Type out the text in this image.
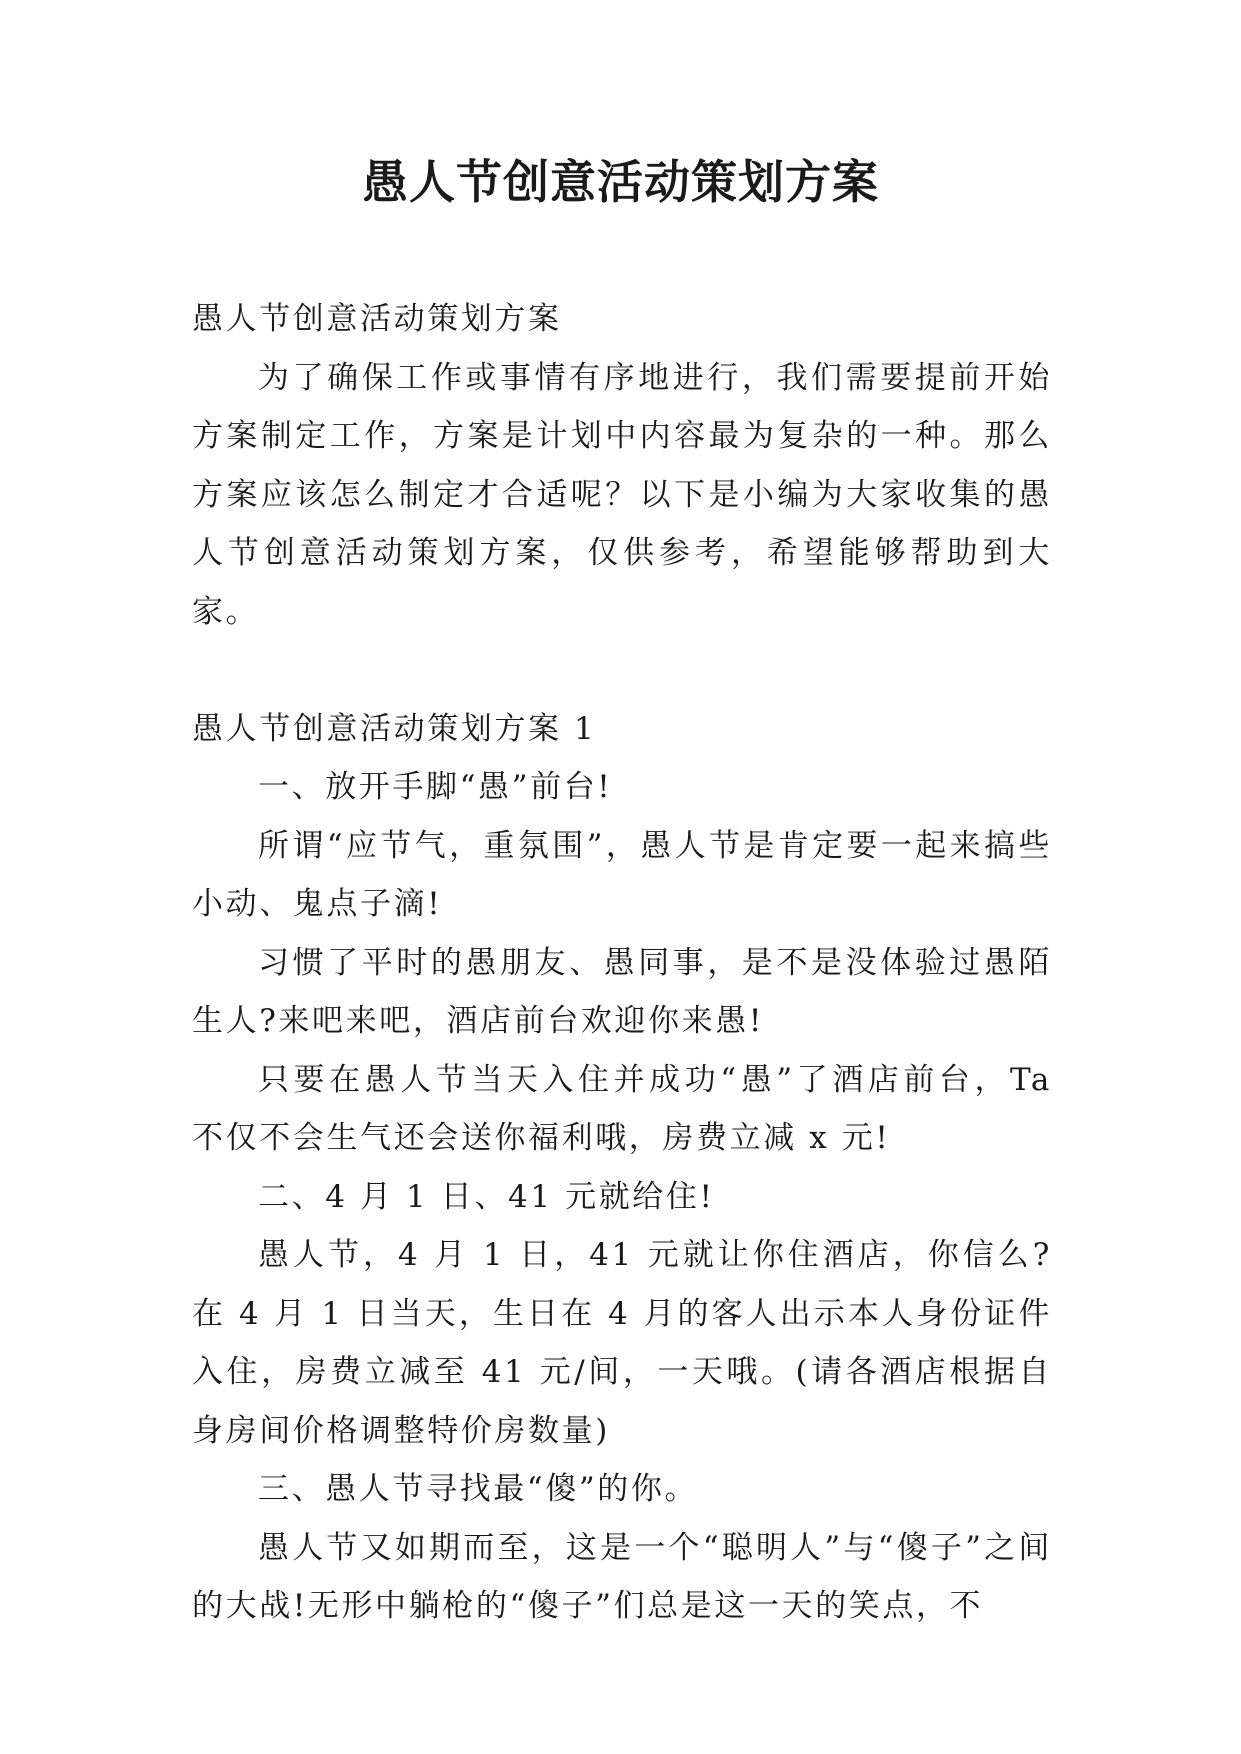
愚人节创意活动策划方案

愚人节创意活动策划方案

为了确保工作或事情有序地进行，我们需要提前开始方案制定工作，方案是计划中内容最为复杂的一种。那么方案应该怎么制定才合适呢？以下是小编为大家收集的愚人节创意活动策划方案，仅供参考，希望能够帮助到大家。

愚人节创意活动策划方案 1

一、放开手脚“愚”前台!

所谓“应节气，重氛围”，愚人节是肯定要一起来搞些小动、鬼点子滴!

习惯了平时的愚朋友、愚同事，是不是没体验过愚陌生人?来吧来吧，酒店前台欢迎你来愚!

只要在愚人节当天入住并成功“愚”了酒店前台，Ta 不仅不会生气还会送你福利哦，房费立减 x 元!

二、4 月 1 日、41 元就给住!

愚人节，4 月 1 日，41 元就让你住酒店，你信么?在 4 月 1 日当天，生日在 4 月的客人出示本人身份证件入住，房费立减至 41 元/间，一天哦。(请各酒店根据自身房间价格调整特价房数量)

三、愚人节寻找最“傻”的你。

愚人节又如期而至，这是一个“聪明人”与“傻子”之间的大战!无形中躺枪的“傻子”们总是这一天的笑点，不
